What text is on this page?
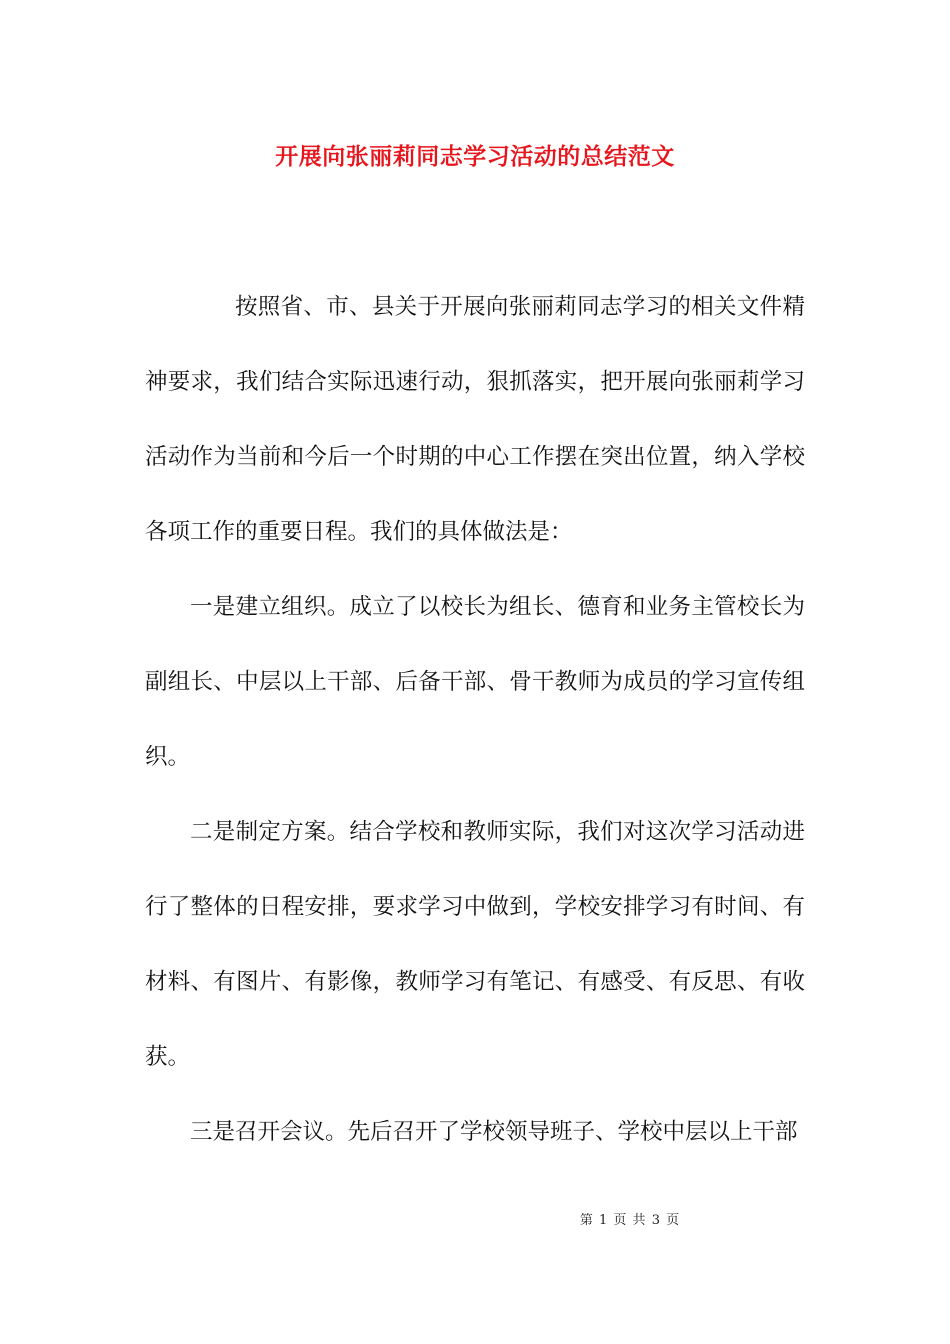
开展向张丽莉同志学习活动的总结范文

按照省、市、县关于开展向张丽莉同志学习的相关文件精神要求，我们结合实际迅速行动，狠抓落实，把开展向张丽莉学习活动作为当前和今后一个时期的中心工作摆在突出位置，纳入学校各项工作的重要日程。我们的具体做法是：

一是建立组织。成立了以校长为组长、德育和业务主管校长为副组长、中层以上干部、后备干部、骨干教师为成员的学习宣传组织。

二是制定方案。结合学校和教师实际，我们对这次学习活动进行了整体的日程安排，要求学习中做到，学校安排学习有时间、有材料、有图片、有影像，教师学习有笔记、有感受、有反思、有收获。

三是召开会议。先后召开了学校领导班子、学校中层以上干部

第 1 页 共 3 页
